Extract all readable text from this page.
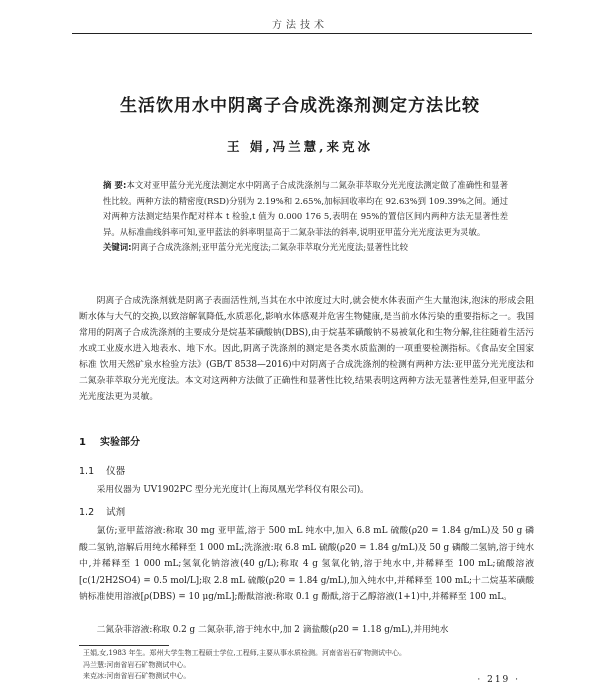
方法技术
生活饮用水中阴离子合成洗涤剂测定方法比较
王 娟,冯兰慧,来克冰
摘 要:本文对亚甲蓝分光光度法测定水中阴离子合成洗涤剂与二氮杂菲萃取分光光度法测定做了准确性和显著性比较。两种方法的精密度(RSD)分别为 2.19%和 2.65%,加标回收率均在 92.63%到 109.39%之间。通过对两种方法测定结果作配对样本 t 检验,t 值为 0.000 176 5,表明在 95%的置信区间内两种方法无显著性差异。从标准曲线斜率可知,亚甲蓝法的斜率明显高于二氮杂菲法的斜率,说明亚甲蓝分光光度法更为灵敏。
关键词:阴离子合成洗涤剂;亚甲蓝分光光度法;二氮杂菲萃取分光光度法;显著性比较
阴离子合成洗涤剂就是阴离子表面活性剂,当其在水中浓度过大时,就会使水体表面产生大量泡沫,泡沫的形成会阻断水体与大气的交换,以致溶解氧降低,水质恶化,影响水体感观并危害生物健康,是当前水体污染的重要指标之一。我国常用的阴离子合成洗涤剂的主要成分是烷基苯磺酸钠(DBS),由于烷基苯磺酸钠不易被氧化和生物分解,往往随着生活污水或工业废水进入地表水、地下水。因此,阴离子洗涤剂的测定是各类水质监测的一项重要检测指标。《食品安全国家标准 饮用天然矿泉水检验方法》(GB/T 8538—2016)中对阴离子合成洗涤剂的检测有两种方法:亚甲蓝分光光度法和二氮杂菲萃取分光光度法。本文对这两种方法做了正确性和显著性比较,结果表明这两种方法无显著性差异,但亚甲蓝分光光度法更为灵敏。
1 实验部分
1.1 仪器
采用仪器为 UV1902PC 型分光光度计(上海凤凰光学科仪有限公司)。
1.2 试剂
氯仿;亚甲蓝溶液:称取 30 mg 亚甲蓝,溶于 500 mL 纯水中,加入 6.8 mL 硫酸(ρ20 = 1.84 g/mL)及 50 g 磷酸二氢钠,溶解后用纯水稀释至 1 000 mL;洗涤液:取 6.8 mL 硫酸(ρ20 = 1.84 g/mL)及 50 g 磷酸二氢钠,溶于纯水中,并稀释至 1 000 mL;氢氧化钠溶液(40 g/L);称取 4 g 氢氧化钠,溶于纯水中,并稀释至 100 mL;硫酸溶液[c(1/2H2SO4) = 0.5 mol/L];取 2.8 mL 硫酸(ρ20 = 1.84 g/mL),加入纯水中,并稀释至 100 mL;十二烷基苯磺酸钠标准使用溶液[ρ(DBS) = 10 μg/mL];酚酞溶液:称取 0.1 g 酚酞,溶于乙醇溶液(1+1)中,并稀释至 100 mL。
二氮杂菲溶液:称取 0.2 g 二氮杂菲,溶于纯水中,加 2 滴盐酸(ρ20 = 1.18 g/mL),并用纯水
王娟,女,1983 年生。郑州大学生物工程硕士学位,工程师,主要从事水质检测。河南省岩石矿物测试中心。
冯兰慧:河南省岩石矿物测试中心。
来克冰:河南省岩石矿物测试中心。	· 219 ·
